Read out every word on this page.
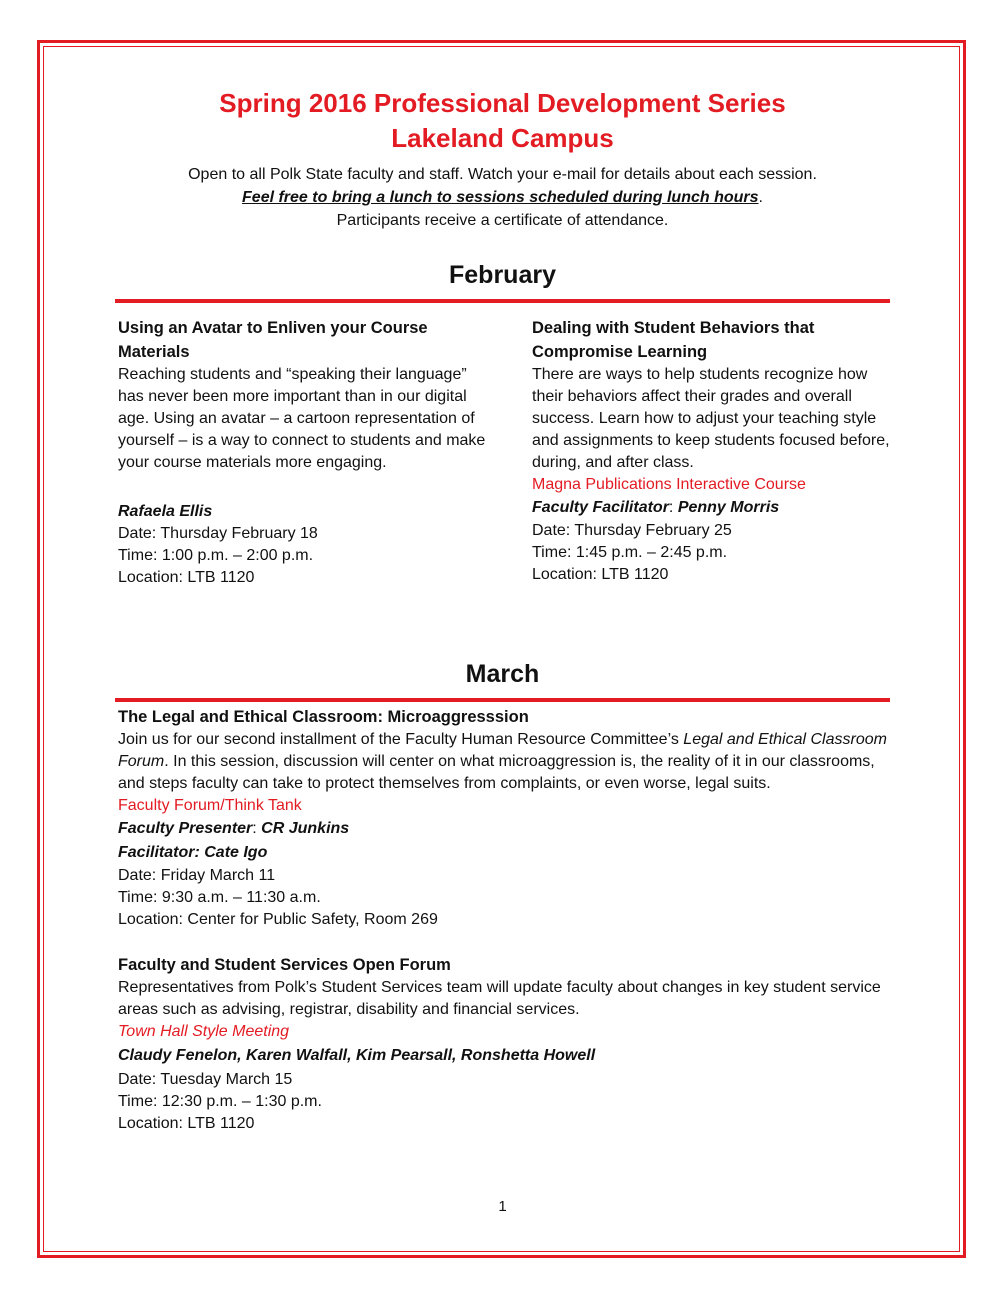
Spring 2016 Professional Development Series
Lakeland Campus
Open to all Polk State faculty and staff. Watch your e-mail for details about each session.
Feel free to bring a lunch to sessions scheduled during lunch hours.
Participants receive a certificate of attendance.
February
Using an Avatar to Enliven your Course
Materials
Reaching students and “speaking their language”
has never been more important than in our digital
age. Using an avatar – a cartoon representation of
yourself – is a way to connect to students and make
your course materials more engaging.
Rafaela Ellis
Date: Thursday February 18
Time: 1:00 p.m. – 2:00 p.m.
Location: LTB 1120
Dealing with Student Behaviors that
Compromise Learning
There are ways to help students recognize how
their behaviors affect their grades and overall
success. Learn how to adjust your teaching style
and assignments to keep students focused before,
during, and after class.
Magna Publications Interactive Course
Faculty Facilitator: Penny Morris
Date: Thursday February 25
Time: 1:45 p.m. – 2:45 p.m.
Location: LTB 1120
March
The Legal and Ethical Classroom: Microaggresssion
Join us for our second installment of the Faculty Human Resource Committee’s Legal and Ethical Classroom
Forum. In this session, discussion will center on what microaggression is, the reality of it in our classrooms,
and steps faculty can take to protect themselves from complaints, or even worse, legal suits.
Faculty Forum/Think Tank
Faculty Presenter: CR Junkins
Facilitator: Cate Igo
Date: Friday March 11
Time: 9:30 a.m. – 11:30 a.m.
Location: Center for Public Safety, Room 269
Faculty and Student Services Open Forum
Representatives from Polk’s Student Services team will update faculty about changes in key student service
areas such as advising, registrar, disability and financial services.
Town Hall Style Meeting
Claudy Fenelon, Karen Walfall, Kim Pearsall, Ronshetta Howell
Date: Tuesday March 15
Time: 12:30 p.m. – 1:30 p.m.
Location: LTB 1120
1
